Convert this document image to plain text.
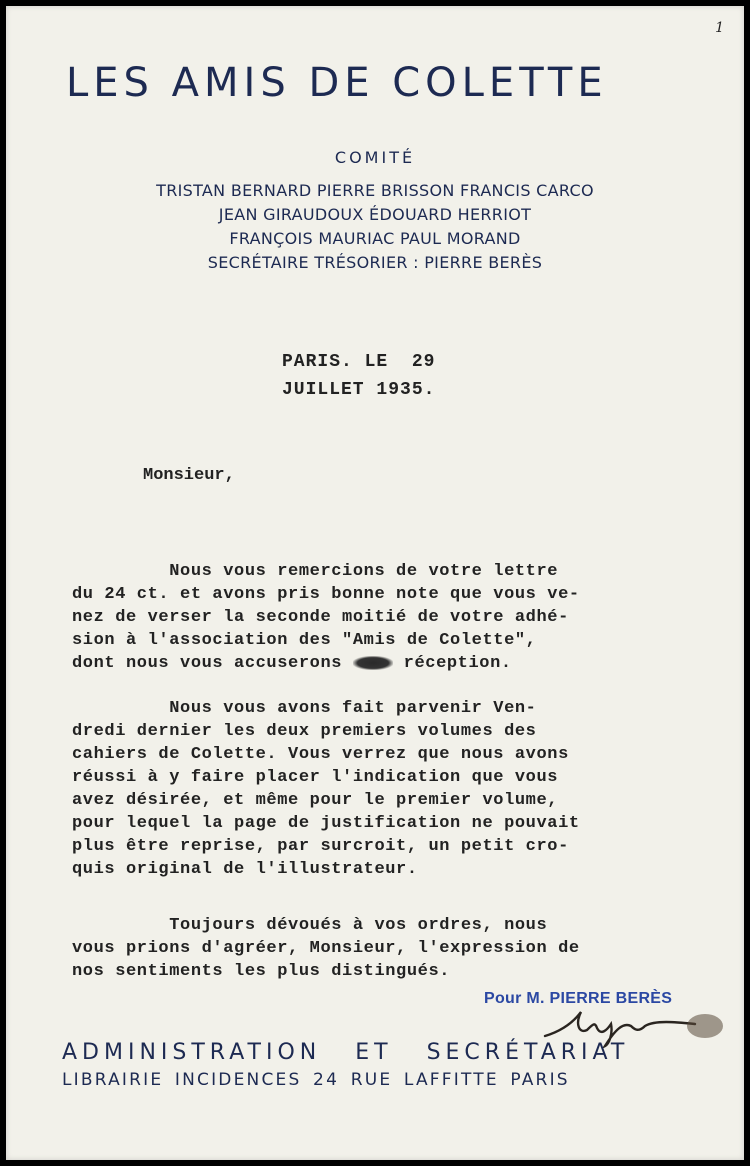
1
LES AMIS DE COLETTE
COMITÉ
TRISTAN BERNARD PIERRE BRISSON FRANCIS CARCO
JEAN GIRAUDOUX ÉDOUARD HERRIOT
FRANÇOIS MAURIAC PAUL MORAND
SECRÉTAIRE TRÉSORIER : PIERRE BERÈS
PARIS. LE  29
JUILLET 1935.
Monsieur,
Nous vous remercions de votre lettre
du 24 ct. et avons pris bonne note que vous ve-
nez de verser la seconde moitié de votre adhé-
sion à l'association des "Amis de Colette",
dont nous vous accuserons	réception.
Nous vous avons fait parvenir Ven-
dredi dernier les deux premiers volumes des
cahiers de Colette. Vous verrez que nous avons
réussi à y faire placer l'indication que vous
avez désirée, et même pour le premier volume,
pour lequel la page de justification ne pouvait
plus être reprise, par surcroit, un petit cro-
quis original de l'illustrateur.
Toujours dévoués à vos ordres, nous
vous prions d'agréer, Monsieur, l'expression de
nos sentiments les plus distingués.
Pour M. PIERRE BERÈS
ADMINISTRATION ET SECRÉTARIAT
LIBRAIRIE INCIDENCES 24 RUE LAFFITTE PARIS
